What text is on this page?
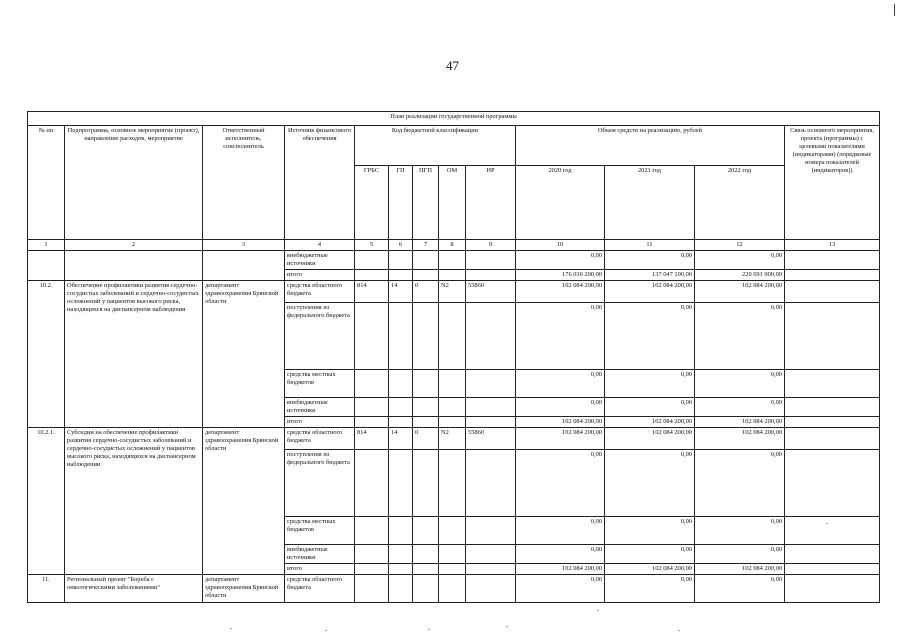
47
План реализации государственной программы												
№ пп	Подпрограмма, основное мероприятие (проект), направление расходов, мероприятие	Ответственный исполнитель, соисполнитель	Источник финансового обеспечения	Код бюджетной классификации					Объем средств на реализацию, рублей			Связь основного мероприятия, проекта (программы) с целевыми показателями (индикаторами) (порядковые номера показателей (индикаторов))
				ГРБС	ГП	ПГП	ОМ	НР	2020 год	2021 год	2022 год	
1	2	3	4	5	6	7	8	9	10	11	12	13
			внебюджетные источники						0,00	0,00	0,00	
			итого						176 030 200,00	137 047 100,00	220 691 900,00	
10.2.	Обеспечение профилактики развития сердечно-сосудистых заболеваний и сердечно-сосудистых осложнений у пациентов высокого риска, находящихся на диспансерном наблюдении	департамент здравоохранения Брянской области	средства областного бюджета	814	14	0	N2	55860	102 084 200,00	102 084 200,00	102 084 200,00	
			поступления из федерального бюджета						0,00	0,00	0,00	
			средства местных бюджетов						0,00	0,00	0,00	
			внебюджетные источники						0,00	0,00	0,00	
			итого						102 084 200,00	102 084 200,00	102 084 200,00	
10.2.1.	Субсидии на обеспечение профилактики развития сердечно-сосудистых заболеваний и сердечно-сосудистых осложнений у пациентов высокого риска, находящихся на диспансерном наблюдении	департамент здравоохранения Брянской области	средства областного бюджета	814	14	0	N2	55860	102 084 200,00	102 084 200,00	102 084 200,00	
			поступления из федерального бюджета						0,00	0,00	0,00	
			средства местных бюджетов						0,00	0,00	0,00	
			внебюджетные источники						0,00	0,00	0,00	
			итого						102 084 200,00	102 084 200,00	102 084 200,00	
11.	Региональный проект "Борьба с онкологическими заболеваниями"	департамент здравоохранения Брянской области	средства областного бюджета						0,00	0,00	0,00	
